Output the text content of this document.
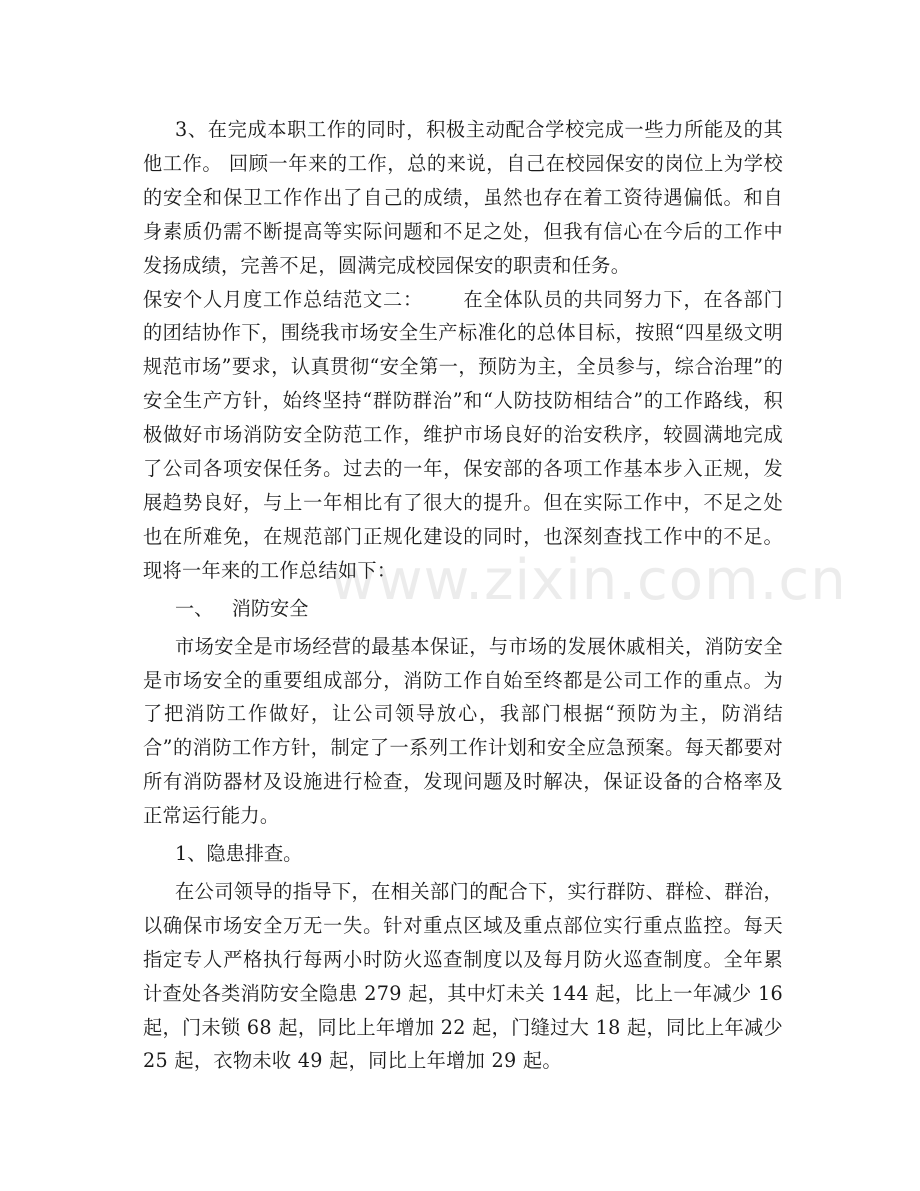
www.zixin.com.cn

3、在完成本职工作的同时，积极主动配合学校完成一些力所能及的其他工作。 回顾一年来的工作，总的来说，自己在校园保安的岗位上为学校的安全和保卫工作作出了自己的成绩，虽然也存在着工资待遇偏低。和自身素质仍需不断提高等实际问题和不足之处，但我有信心在今后的工作中发扬成绩，完善不足，圆满完成校园保安的职责和任务。

保安个人月度工作总结范文二： 在全体队员的共同努力下，在各部门的团结协作下，围绕我市场安全生产标准化的总体目标，按照“四星级文明规范市场”要求，认真贯彻“安全第一，预防为主，全员参与，综合治理”的安全生产方针，始终坚持“群防群治”和“人防技防相结合”的工作路线，积极做好市场消防安全防范工作，维护市场良好的治安秩序，较圆满地完成了公司各项安保任务。过去的一年，保安部的各项工作基本步入正规，发展趋势良好，与上一年相比有了很大的提升。但在实际工作中，不足之处也在所难免，在规范部门正规化建设的同时，也深刻查找工作中的不足。现将一年来的工作总结如下：

一、 消防安全

市场安全是市场经营的最基本保证，与市场的发展休戚相关，消防安全是市场安全的重要组成部分，消防工作自始至终都是公司工作的重点。为了把消防工作做好，让公司领导放心，我部门根据“预防为主，防消结合”的消防工作方针，制定了一系列工作计划和安全应急预案。每天都要对所有消防器材及设施进行检查，发现问题及时解决，保证设备的合格率及正常运行能力。

1、隐患排查。

在公司领导的指导下，在相关部门的配合下，实行群防、群检、群治，以确保市场安全万无一失。针对重点区域及重点部位实行重点监控。每天指定专人严格执行每两小时防火巡查制度以及每月防火巡查制度。全年累计查处各类消防安全隐患 279 起，其中灯未关 144 起，比上一年减少 16 起，门未锁 68 起，同比上年增加 22 起，门缝过大 18 起，同比上年减少 25 起，衣物未收 49 起，同比上年增加 29 起。
